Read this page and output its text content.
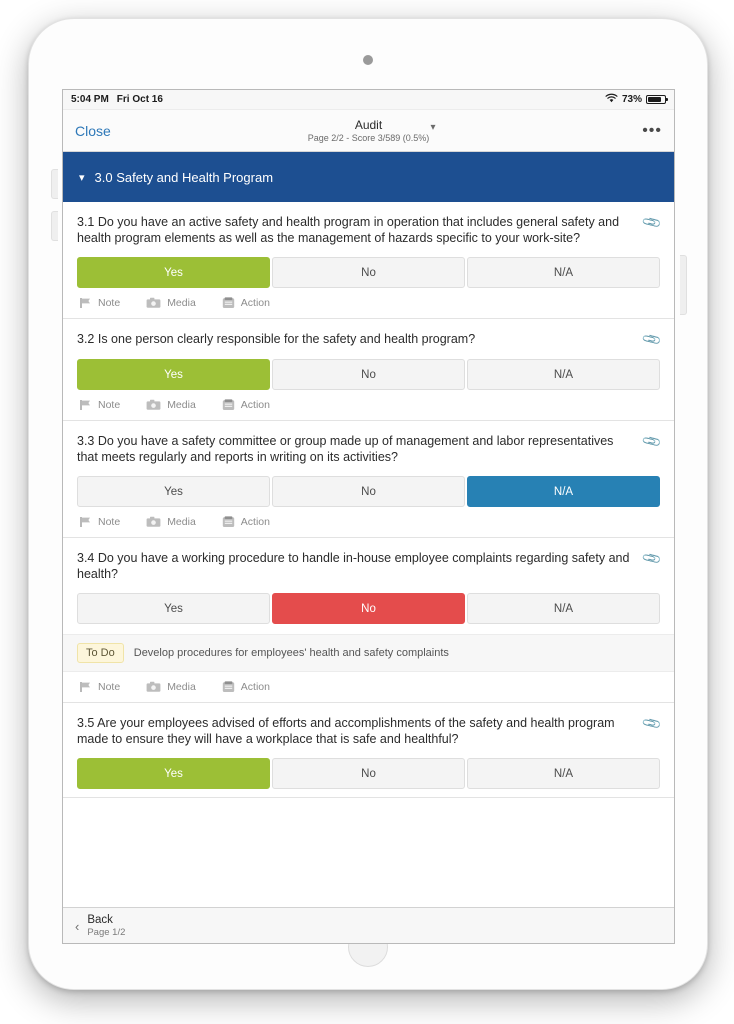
5:04 PM Fri Oct 16	73%
Close	Audit
Page 2/2 - Score 3/589 (0.5%)
▾	•••
▾ 3.0 Safety and Health Program
3.1 Do you have an active safety and health program in operation that includes general safety and health program elements as well as the management of hazards specific to your work-site?
📎
Yes	No	N/A
Note	Media	Action
3.2 Is one person clearly responsible for the safety and health program?	📎
Yes	No	N/A
Note	Media	Action
3.3 Do you have a safety committee or group made up of management and labor representatives that meets regularly and reports in writing on its activities?
📎
Yes	No	N/A
Note	Media	Action
3.4 Do you have a working procedure to handle in-house employee complaints regarding safety and health?
📎
Yes	No	N/A
To Do	Develop procedures for employees' health and safety complaints
Note	Media	Action
3.5 Are your employees advised of efforts and accomplishments of the safety and health program made to ensure they will have a workplace that is safe and healthful?
📎
Yes	No	N/A
‹ Back
Page 1/2
